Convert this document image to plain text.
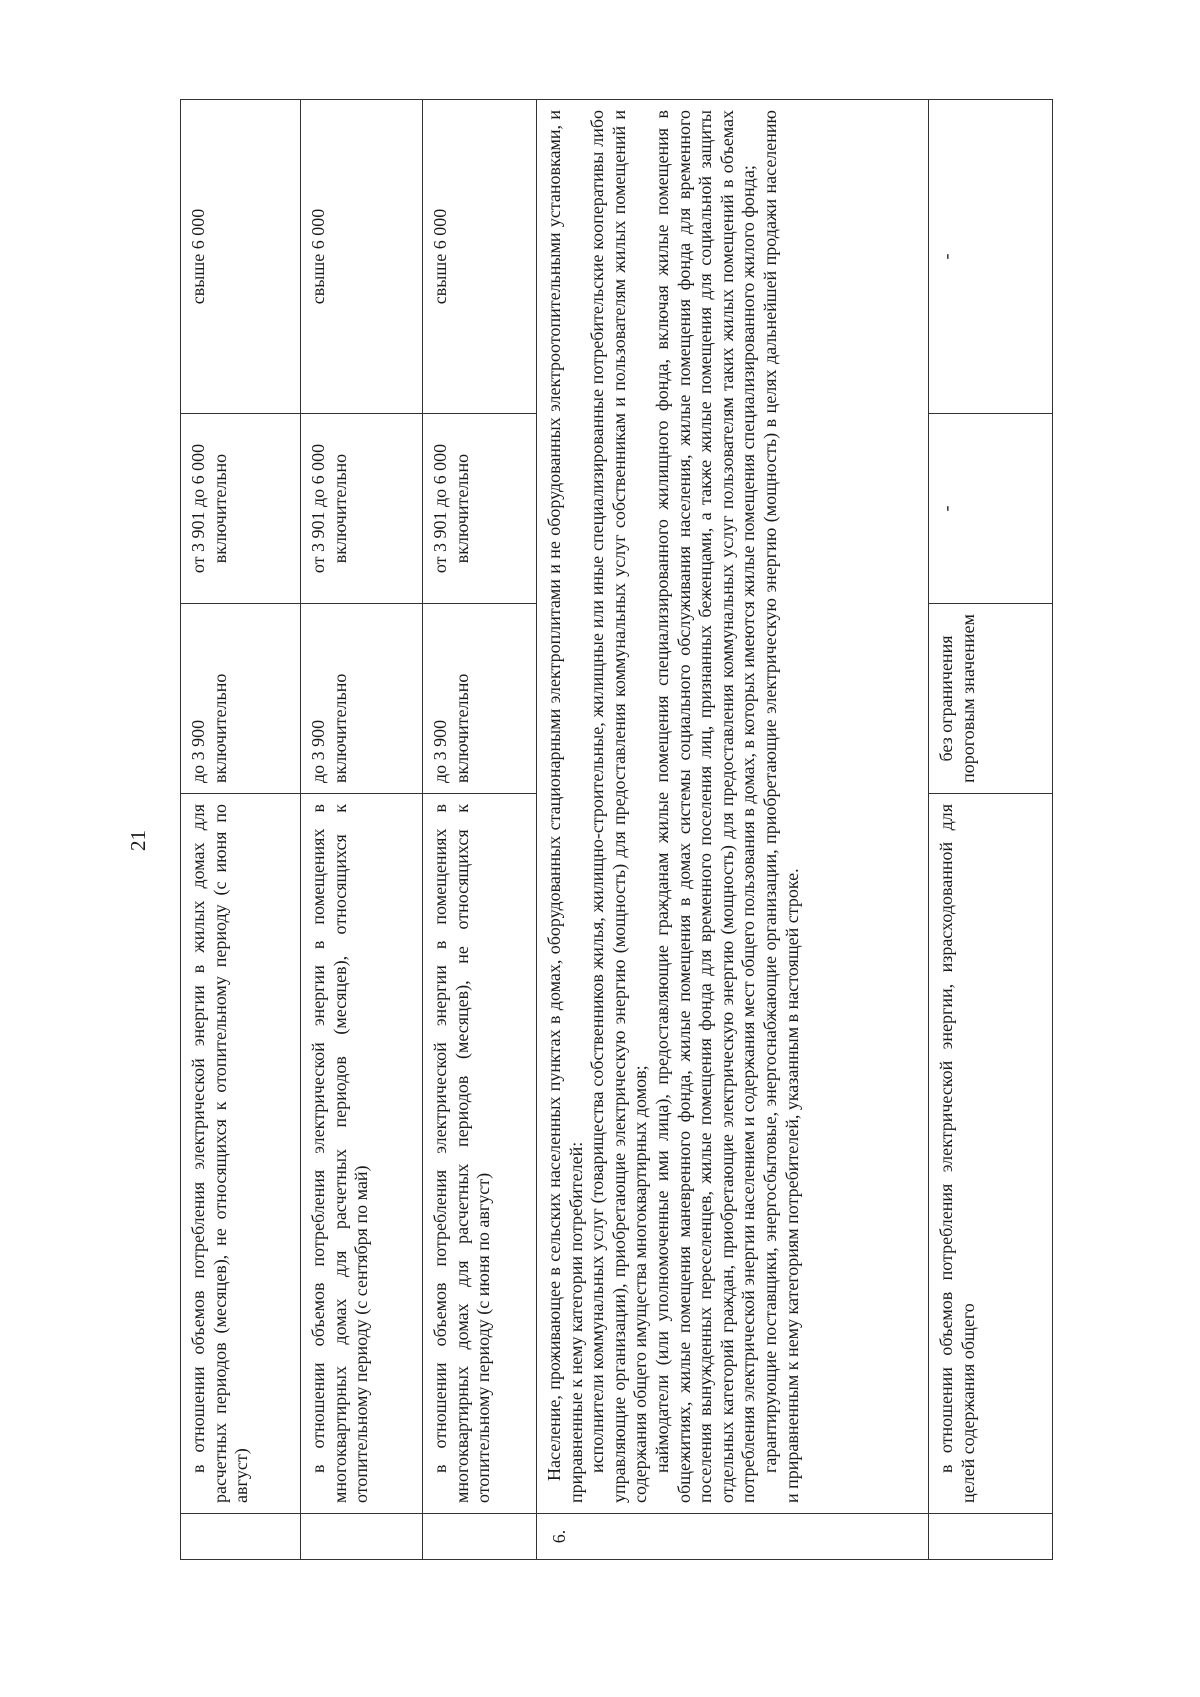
21
	в отношении объемов потребления электрической энергии в жилых домах для расчетных периодов (месяцев), не относящихся к отопительному периоду (с июня по август)	до 3 900 включительно	от 3 901 до 6 000 включительно	свыше 6 000
	в отношении объемов потребления электрической энергии в помещениях в многоквартирных домах для расчетных периодов (месяцев), относящихся к отопительному периоду (с сентября по май)	до 3 900 включительно	от 3 901 до 6 000 включительно	свыше 6 000
	в отношении объемов потребления электрической энергии в помещениях в многоквартирных домах для расчетных периодов (месяцев), не относящихся к отопительному периоду (с июня по август)	до 3 900 включительно	от 3 901 до 6 000 включительно	свыше 6 000
6.	Население, проживающее в сельских населенных пунктах в домах, оборудованных стационарными электроплитами и не оборудованных электроотопительными установками, и приравненные к нему категории потребителей: исполнители коммунальных услуг (товарищества собственников жилья, жилищно-строительные, жилищные или иные специализированные потребительские кооперативы либо управляющие организации), приобретающие электрическую энергию (мощность) для предоставления коммунальных услуг собственникам и пользователям жилых помещений и содержания общего имущества многоквартирных домов; наймодатели (или уполномоченные ими лица), предоставляющие гражданам жилые помещения специализированного жилищного фонда, включая жилые помещения в общежитиях, жилые помещения маневренного фонда, жилые помещения в домах системы социального обслуживания населения, жилые помещения фонда для временного поселения вынужденных переселенцев, жилые помещения фонда для временного поселения лиц, признанных беженцами, а также жилые помещения для социальной защиты отдельных категорий граждан, приобретающие электрическую энергию (мощность) для предоставления коммунальных услуг пользователям таких жилых помещений в объемах потребления электрической энергии населением и содержания мест общего пользования в домах, в которых имеются жилые помещения специализированного жилого фонда; гарантирующие поставщики, энергосбытовые, энергоснабжающие организации, приобретающие электрическую энергию (мощность) в целях дальнейшей продажи населению и приравненным к нему категориям потребителей, указанным в настоящей строке.			

	в отношении объемов потребления электрической энергии, израсходованной для целей содержания общего	без ограничения пороговым значением	-	-
